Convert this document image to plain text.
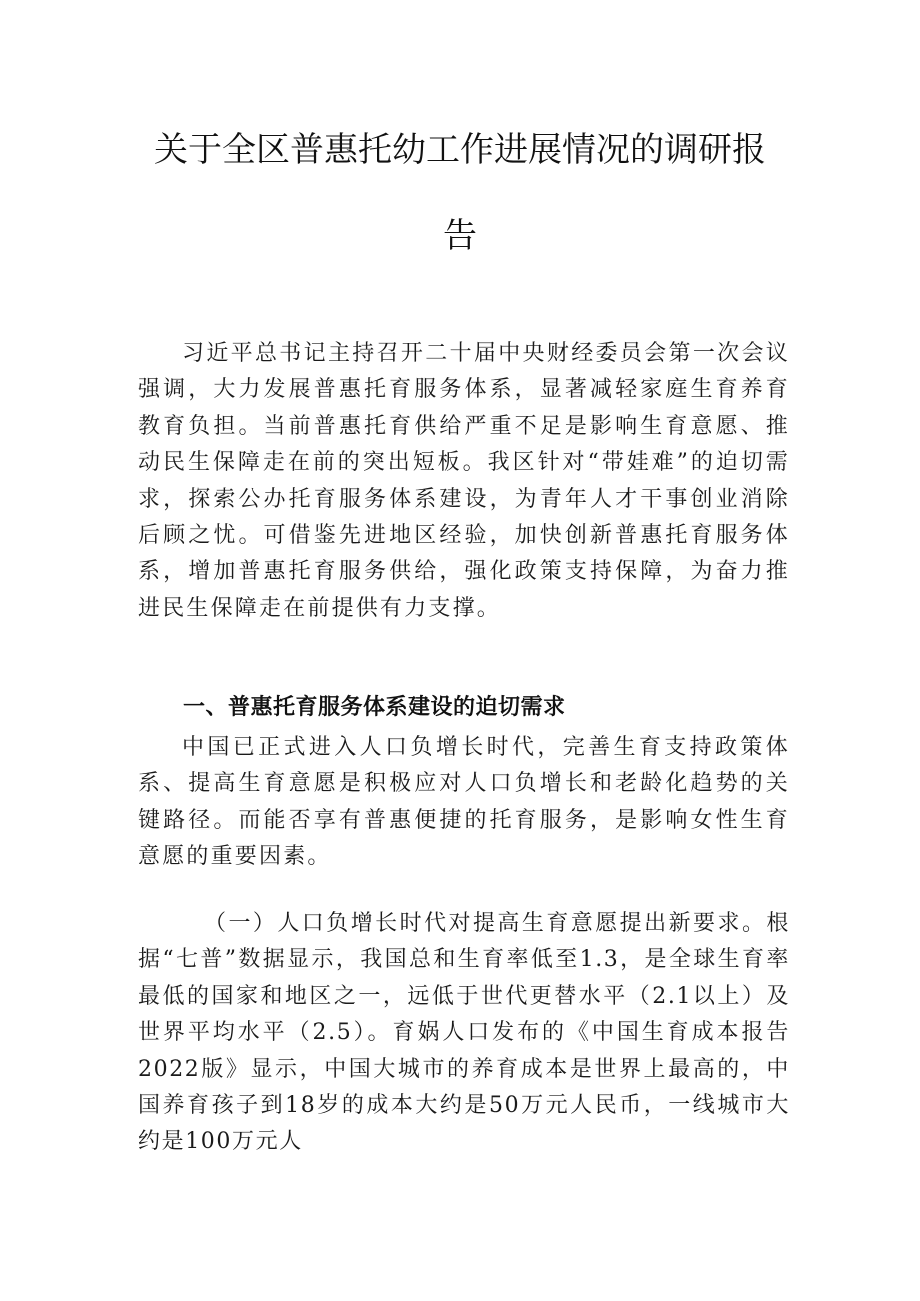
关于全区普惠托幼工作进展情况的调研报
告

习近平总书记主持召开二十届中央财经委员会第一次会议强调，大力发展普惠托育服务体系，显著减轻家庭生育养育教育负担。当前普惠托育供给严重不足是影响生育意愿、推动民生保障走在前的突出短板。我区针对“带娃难”的迫切需求，探索公办托育服务体系建设，为青年人才干事创业消除后顾之忧。可借鉴先进地区经验，加快创新普惠托育服务体系，增加普惠托育服务供给，强化政策支持保障，为奋力推进民生保障走在前提供有力支撑。

一、普惠托育服务体系建设的迫切需求

中国已正式进入人口负增长时代，完善生育支持政策体系、提高生育意愿是积极应对人口负增长和老龄化趋势的关键路径。而能否享有普惠便捷的托育服务，是影响女性生育意愿的重要因素。

（一）人口负增长时代对提高生育意愿提出新要求。根据“七普”数据显示，我国总和生育率低至1.3，是全球生育率最低的国家和地区之一，远低于世代更替水平（2.1以上）及世界平均水平（2.5）。育娲人口发布的《中国生育成本报告2022版》显示，中国大城市的养育成本是世界上最高的，中国养育孩子到18岁的成本大约是50万元人民币，一线城市大约是100万元人
